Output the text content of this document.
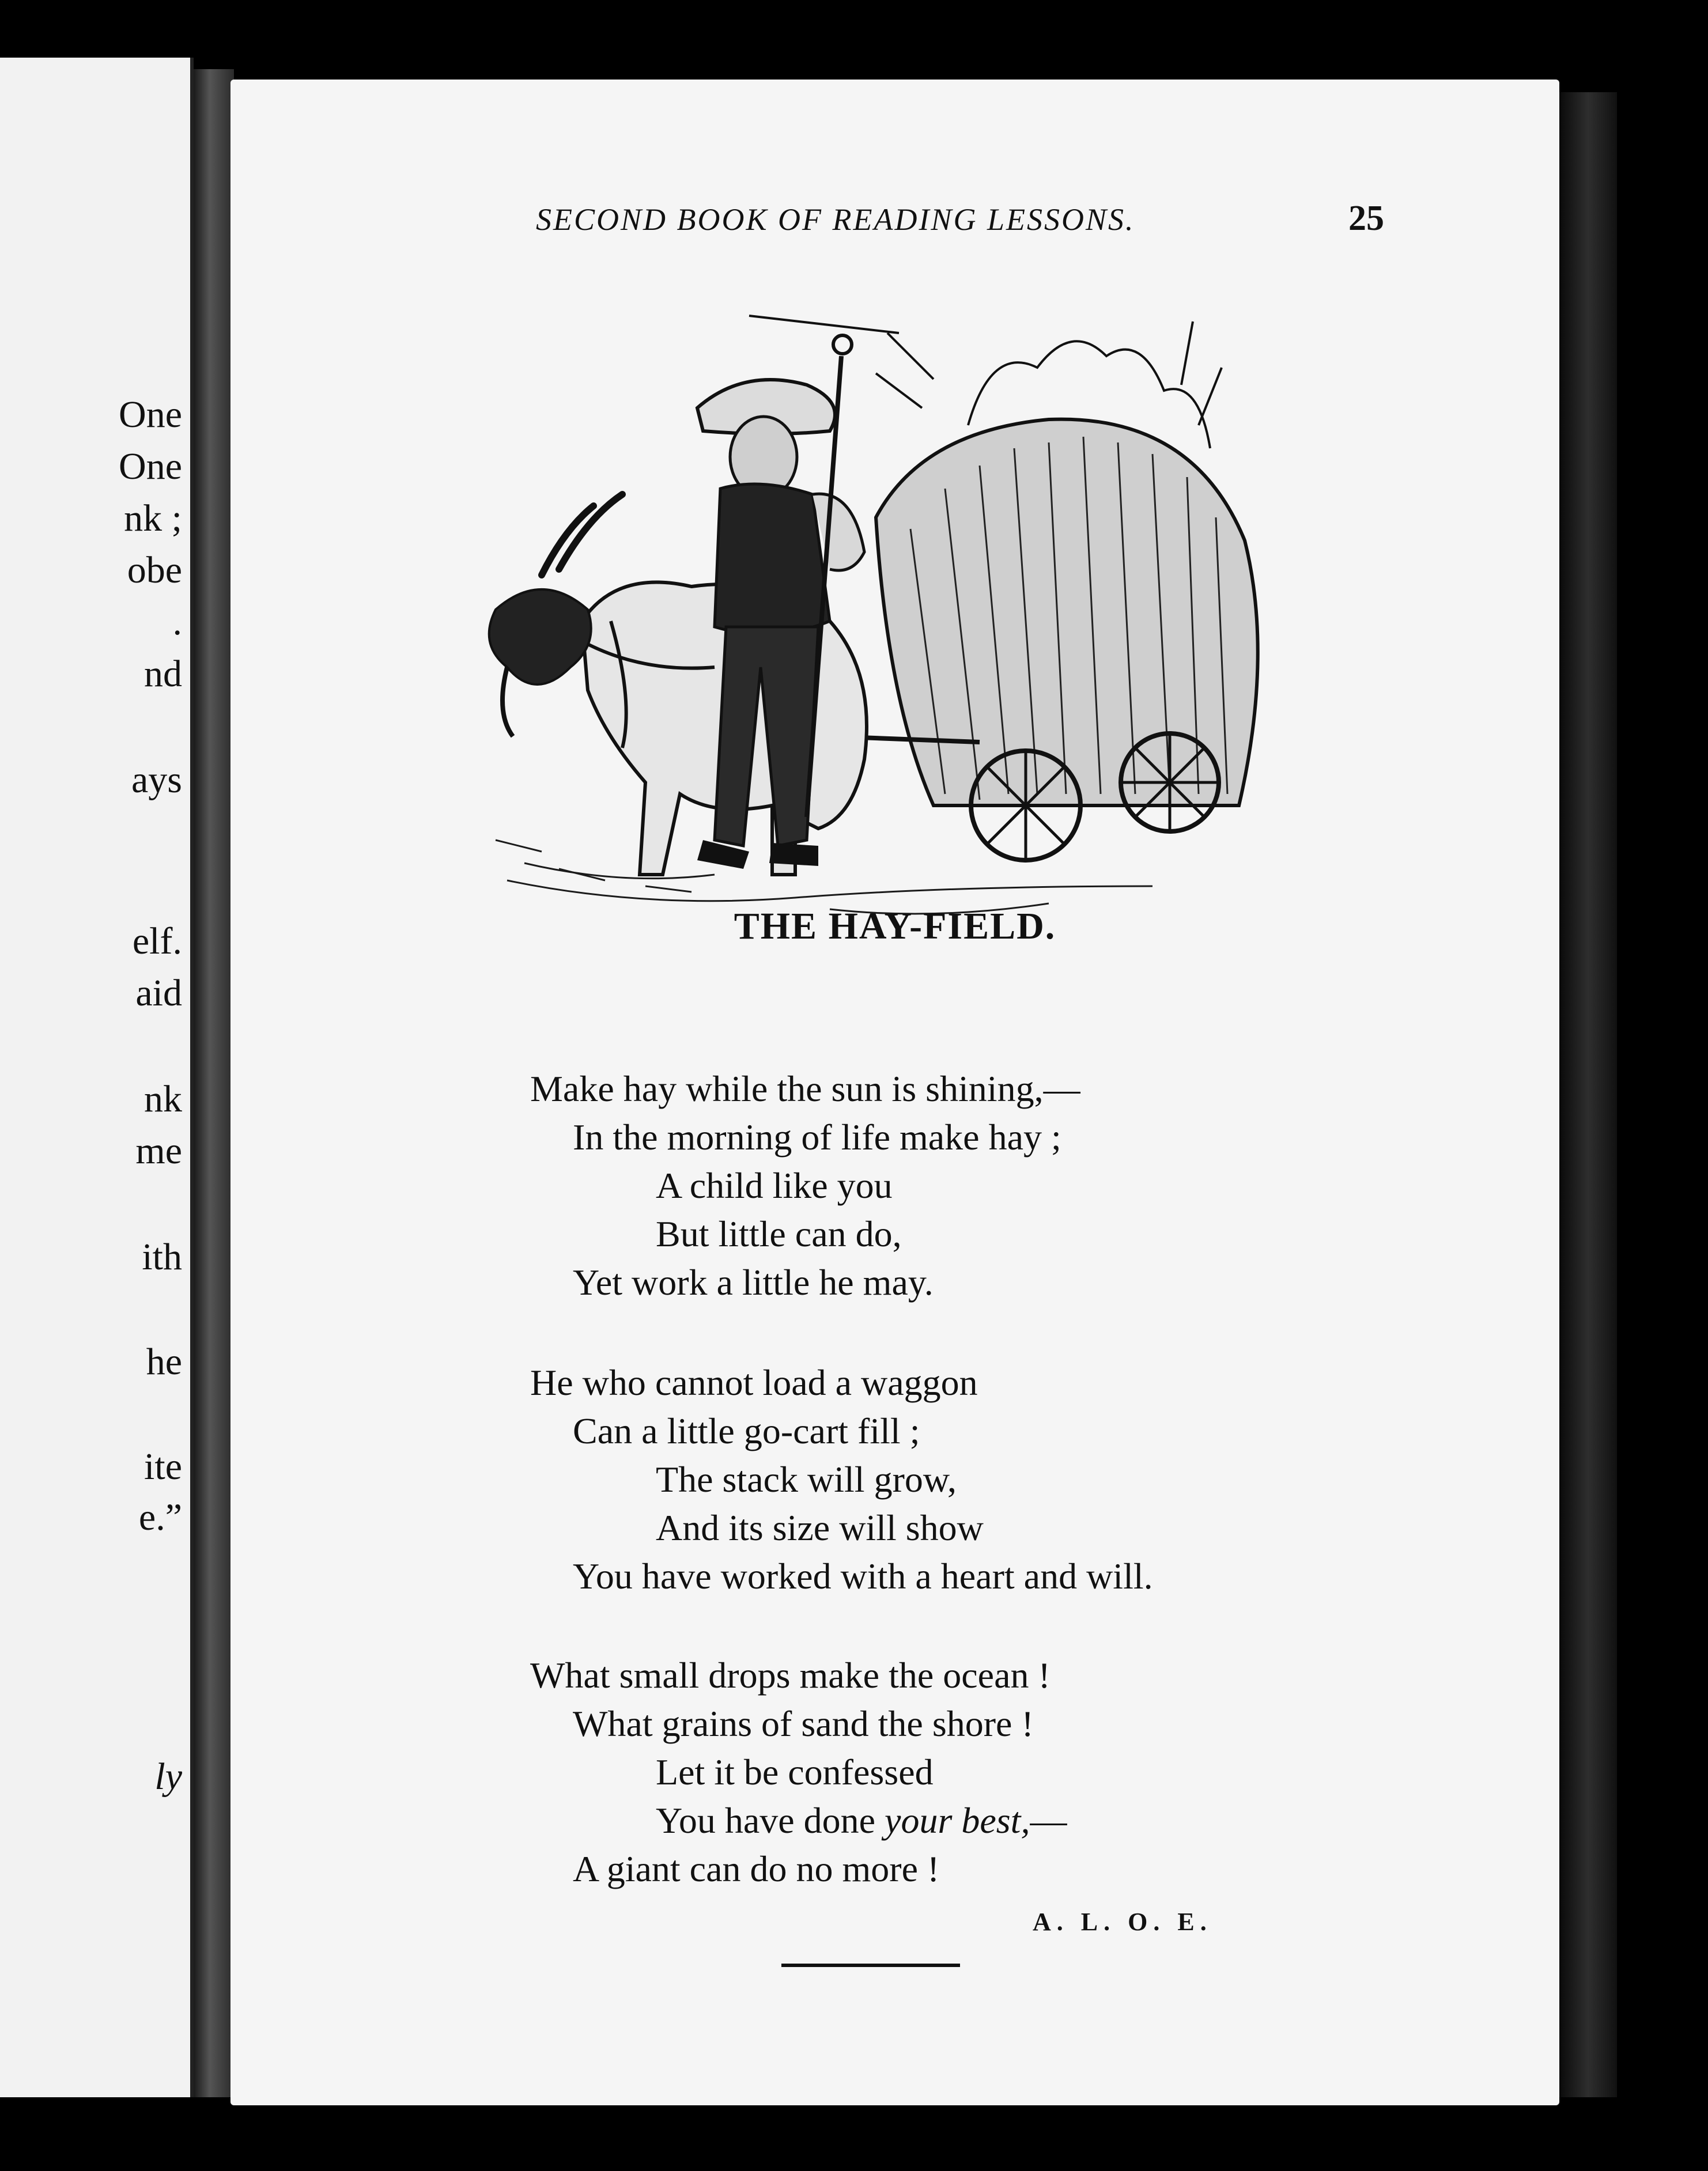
One
One
nk ;
obe
.
nd
ays
elf.
aid
nk
me
ith
he
ite
e.”
ly
SECOND BOOK OF READING LESSONS.	25
THE HAY-FIELD.
Make hay while the sun is shining,—
In the morning of life make hay ;
A child like you
But little can do,
Yet work a little he may.
He who cannot load a waggon
Can a little go-cart fill ;
The stack will grow,
And its size will show
You have worked with a heart and will.
What small drops make the ocean !
What grains of sand the shore !
Let it be confessed
You have done your best,—
A giant can do no more !
A. L. O. E.
